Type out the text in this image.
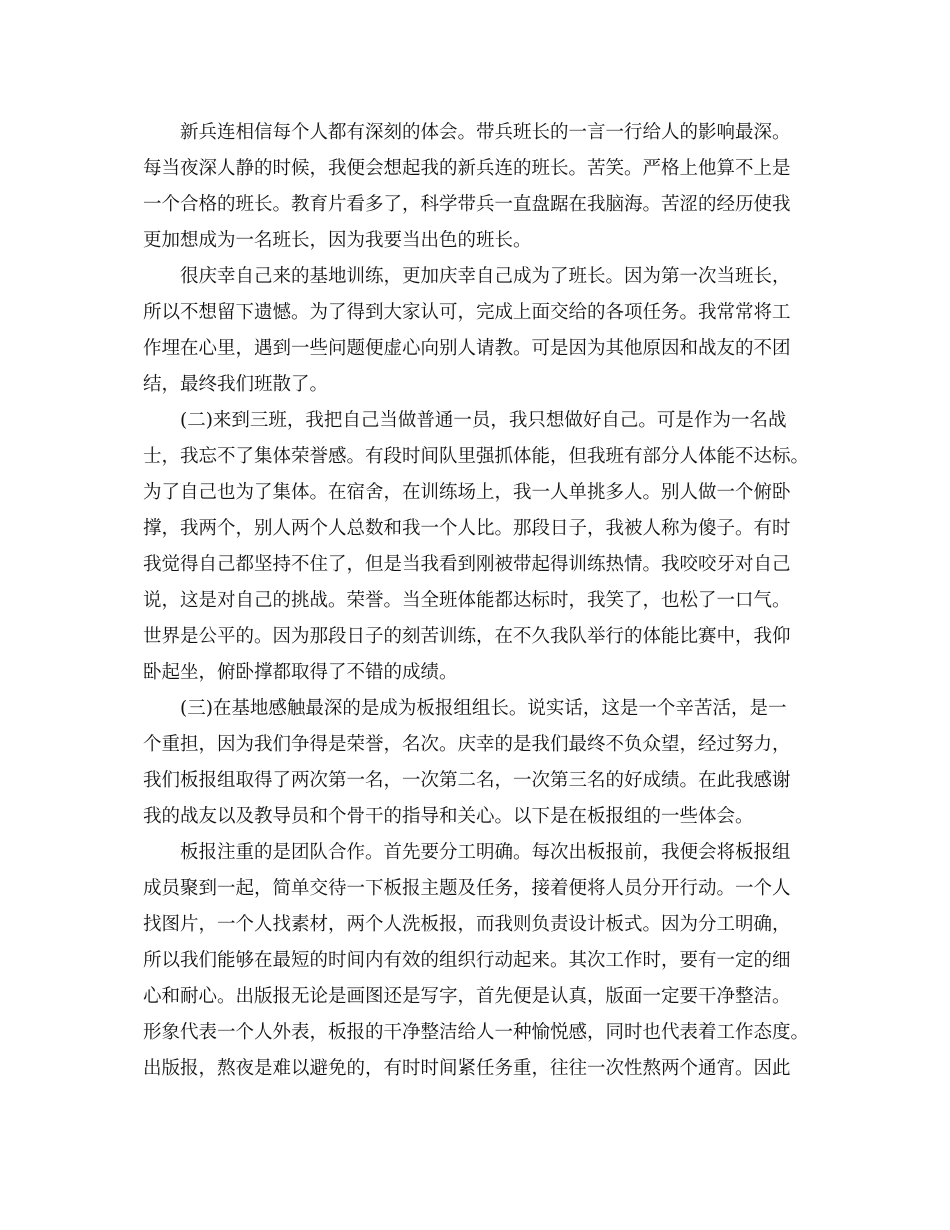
新兵连相信每个人都有深刻的体会。带兵班长的一言一行给人的影响最深。
每当夜深人静的时候，我便会想起我的新兵连的班长。苦笑。严格上他算不上是
一个合格的班长。教育片看多了，科学带兵一直盘踞在我脑海。苦涩的经历使我
更加想成为一名班长，因为我要当出色的班长。
很庆幸自己来的基地训练，更加庆幸自己成为了班长。因为第一次当班长，
所以不想留下遗憾。为了得到大家认可，完成上面交给的各项任务。我常常将工
作埋在心里，遇到一些问题便虚心向别人请教。可是因为其他原因和战友的不团
结，最终我们班散了。
(二)来到三班，我把自己当做普通一员，我只想做好自己。可是作为一名战
士，我忘不了集体荣誉感。有段时间队里强抓体能，但我班有部分人体能不达标。
为了自己也为了集体。在宿舍，在训练场上，我一人单挑多人。别人做一个俯卧
撑，我两个，别人两个人总数和我一个人比。那段日子，我被人称为傻子。有时
我觉得自己都坚持不住了，但是当我看到刚被带起得训练热情。我咬咬牙对自己
说，这是对自己的挑战。荣誉。当全班体能都达标时，我笑了，也松了一口气。
世界是公平的。因为那段日子的刻苦训练，在不久我队举行的体能比赛中，我仰
卧起坐，俯卧撑都取得了不错的成绩。
(三)在基地感触最深的是成为板报组组长。说实话，这是一个辛苦活，是一
个重担，因为我们争得是荣誉，名次。庆幸的是我们最终不负众望，经过努力，
我们板报组取得了两次第一名，一次第二名，一次第三名的好成绩。在此我感谢
我的战友以及教导员和个骨干的指导和关心。以下是在板报组的一些体会。
板报注重的是团队合作。首先要分工明确。每次出板报前，我便会将板报组
成员聚到一起，简单交待一下板报主题及任务，接着便将人员分开行动。一个人
找图片，一个人找素材，两个人洗板报，而我则负责设计板式。因为分工明确，
所以我们能够在最短的时间内有效的组织行动起来。其次工作时，要有一定的细
心和耐心。出版报无论是画图还是写字，首先便是认真，版面一定要干净整洁。
形象代表一个人外表，板报的干净整洁给人一种愉悦感，同时也代表着工作态度。
出版报，熬夜是难以避免的，有时时间紧任务重，往往一次性熬两个通宵。因此
